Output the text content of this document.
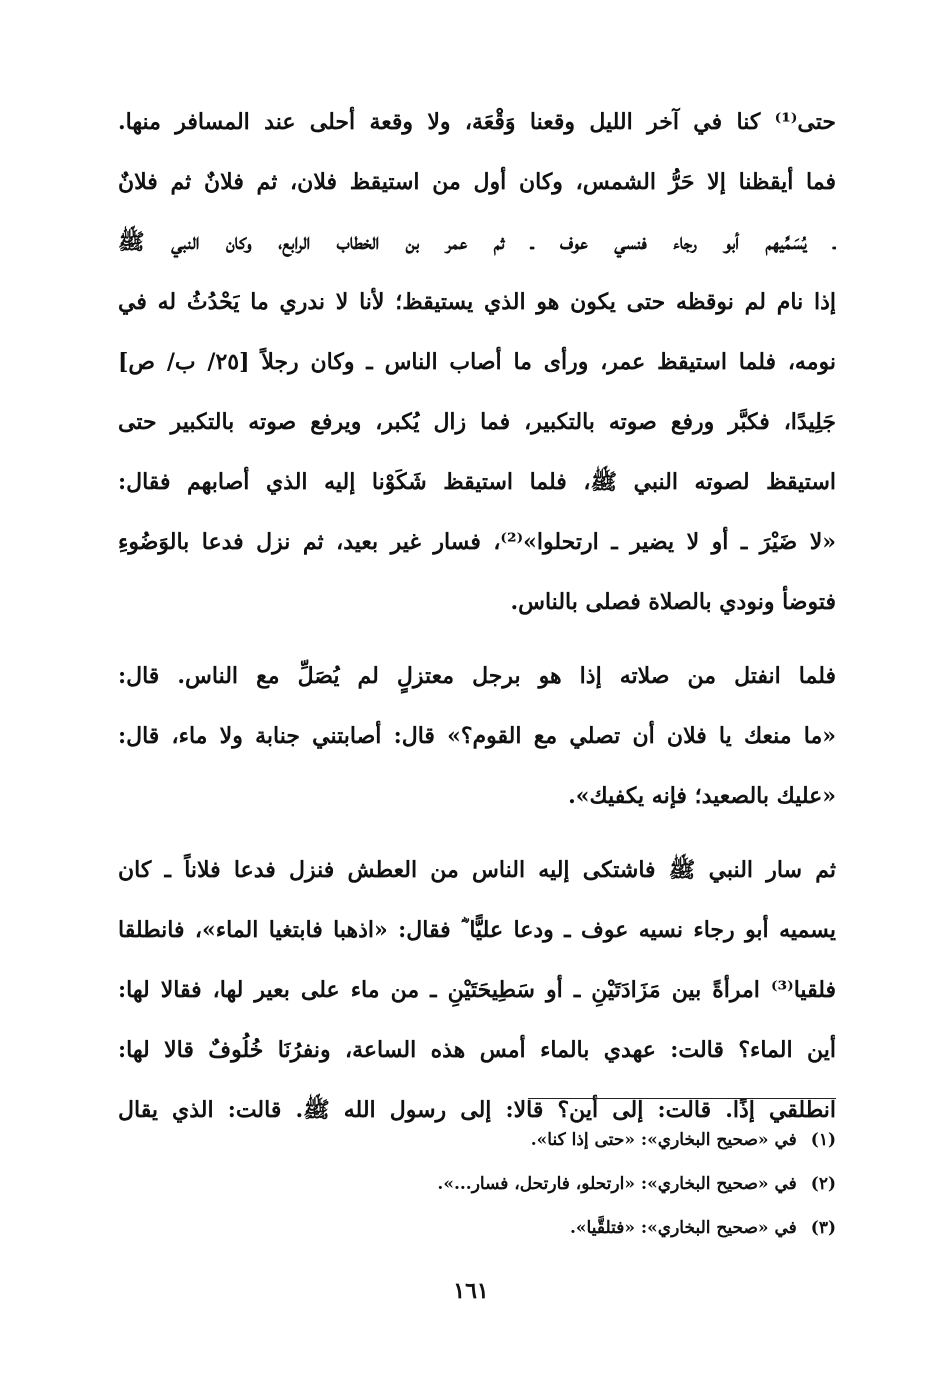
حتى⁽¹⁾ كنا في آخر الليل وقعنا وَقْعَة، ولا وقعة أحلى عند المسافر منها.
فما أيقظنا إلا حَرُّ الشمس، وكان أول من استيقظ فلان، ثم فلانٌ ثم فلانٌ
ـ يُسَمِّيهم أبو رجاء فنسي عوف ـ ثم عمر بن الخطاب الرابع، وكان النبي ﷺ
إذا نام لم نوقظه حتى يكون هو الذي يستيقظ؛ لأنا لا ندري ما يَحْدُثُ له في
نومه، فلما استيقظ عمر، ورأى ما أصاب الناس ـ وكان رجلاً [٢٥/ ب/ ص]
جَلِيدًا، فكبَّر ورفع صوته بالتكبير، فما زال يُكبر، ويرفع صوته بالتكبير حتى
استيقظ لصوته النبي ﷺ، فلما استيقظ شَكَوْنا إليه الذي أصابهم فقال:
«لا ضَيْرَ ـ أو لا يضير ـ ارتحلوا»⁽²⁾، فسار غير بعيد، ثم نزل فدعا بالوَضُوءِ
فتوضأ ونودي بالصلاة فصلى بالناس.
فلما انفتل من صلاته إذا هو برجل معتزلٍ لم يُصَلِّ مع الناس. قال:
«ما منعك يا فلان أن تصلي مع القوم؟» قال: أصابتني جنابة ولا ماء، قال:
«عليك بالصعيد؛ فإنه يكفيك».
ثم سار النبي ﷺ فاشتكى إليه الناس من العطش فنزل فدعا فلاناً ـ كان
يسميه أبو رجاء نسيه عوف ـ ودعا عليًّا ؓ فقال: «اذهبا فابتغيا الماء»، فانطلقا
فلقيا⁽³⁾ امرأةً بين مَزَادَتَيْنِ ـ أو سَطِيحَتَيْنِ ـ من ماء على بعير لها، فقالا لها:
أين الماء؟ قالت: عهدي بالماء أمس هذه الساعة، ونفرُنَا خُلُوفٌ قالا لها:
انطلقي إذًا. قالت: إلى أين؟ قالا: إلى رسول الله ﷺ. قالت: الذي يقال
(١)في «صحيح البخاري»: «حتى إذا كنا».
(٢)في «صحيح البخاري»: «ارتحلو، فارتحل، فسار...».
(٣)في «صحيح البخاري»: «فتلقَّيا».
١٦١
